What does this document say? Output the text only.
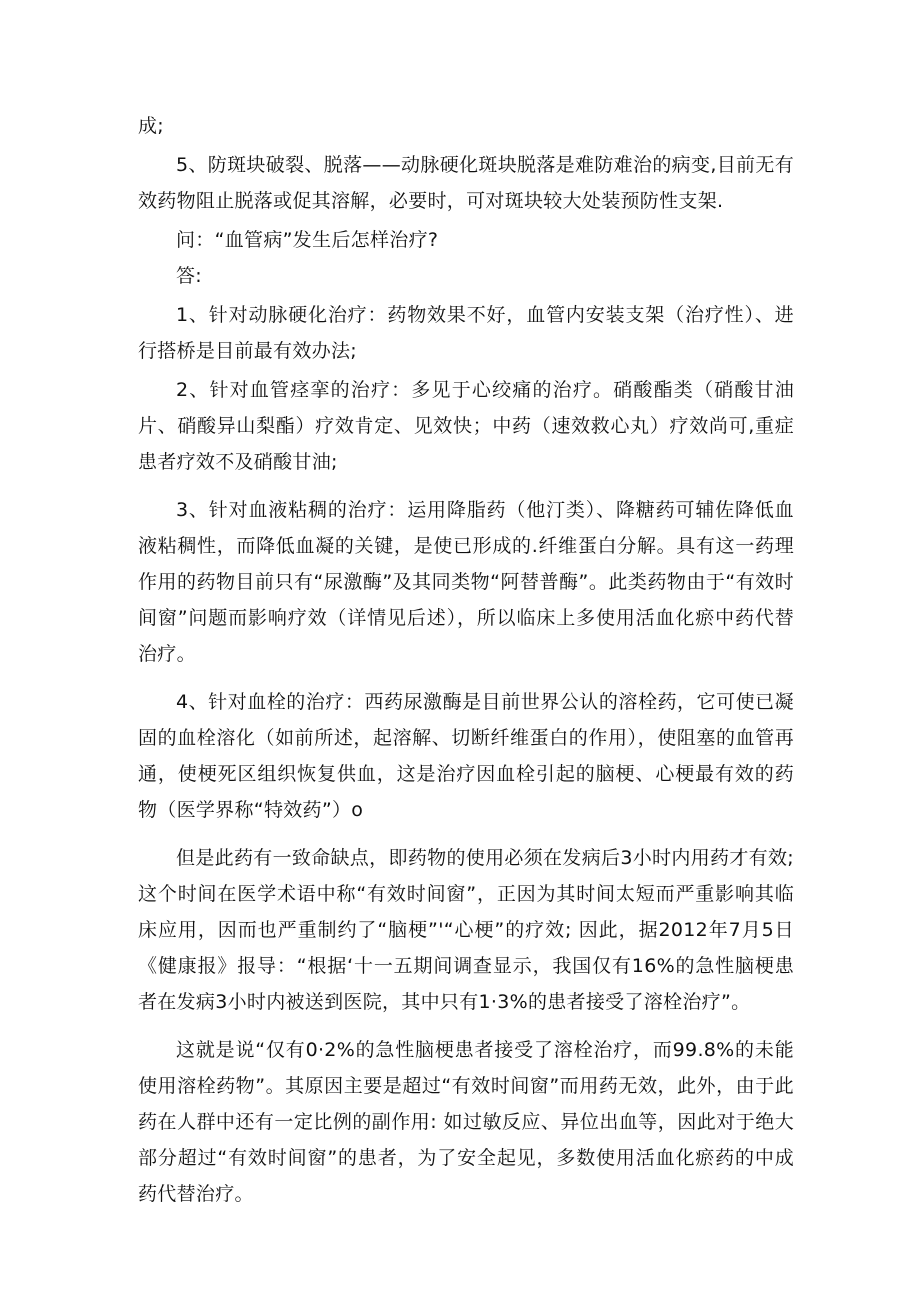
成;

5、防斑块破裂、脱落——动脉硬化斑块脱落是难防难治的病变,目前无有效药物阻止脱落或促其溶解，必要时，可对斑块较大处装预防性支架.

问：“血管病”发生后怎样治疗?

答:

1、针对动脉硬化治疗：药物效果不好，血管内安装支架（治疗性）、进行搭桥是目前最有效办法;

2、针对血管痉挛的治疗：多见于心绞痛的治疗。硝酸酯类（硝酸甘油片、硝酸异山梨酯）疗效肯定、见效快；中药（速效救心丸）疗效尚可,重症患者疗效不及硝酸甘油;

3、针对血液粘稠的治疗：运用降脂药（他汀类）、降糖药可辅佐降低血液粘稠性，而降低血凝的关键，是使已形成的.纤维蛋白分解。具有这一药理作用的药物目前只有“尿激酶”及其同类物“阿替普酶”。此类药物由于“有效时间窗”问题而影响疗效（详情见后述），所以临床上多使用活血化瘀中药代替治疗。

4、针对血栓的治疗：西药尿激酶是目前世界公认的溶栓药，它可使已凝固的血栓溶化（如前所述，起溶解、切断纤维蛋白的作用），使阻塞的血管再通，使梗死区组织恢复供血，这是治疗因血栓引起的脑梗、心梗最有效的药物（医学界称“特效药”）o

但是此药有一致命缺点，即药物的使用必须在发病后3小时内用药才有效; 这个时间在医学术语中称“有效时间窗”，正因为其时间太短而严重影响其临床应用，因而也严重制约了“脑梗”'“心梗”的疗效; 因此，据2012年7月5日《健康报》报导：“根据‘十一五期间调查显示，我国仅有16%的急性脑梗患者在发病3小时内被送到医院，其中只有1·3%的患者接受了溶栓治疗”。

这就是说“仅有0·2%的急性脑梗患者接受了溶栓治疗，而99.8%的未能使用溶栓药物”。其原因主要是超过“有效时间窗”而用药无效，此外，由于此药在人群中还有一定比例的副作用: 如过敏反应、异位出血等，因此对于绝大部分超过“有效时间窗”的患者，为了安全起见，多数使用活血化瘀药的中成药代替治疗。
